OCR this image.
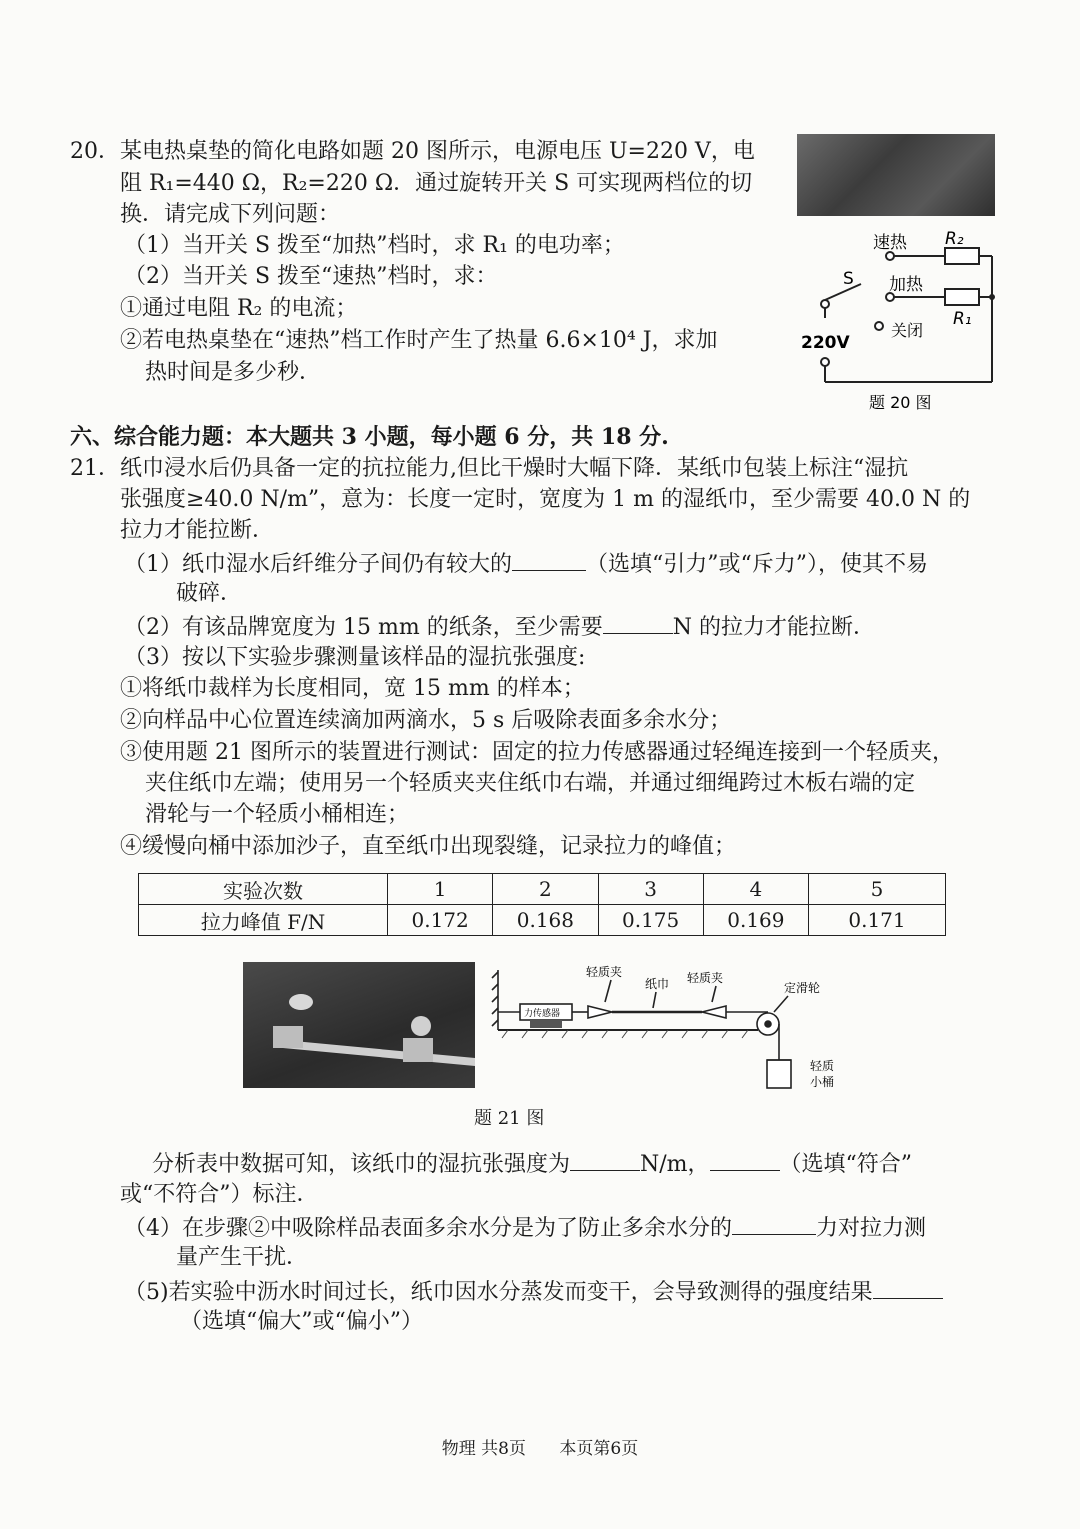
20．某电热桌垫的简化电路如题 20 图所示，电源电压 U=220 V，电
阻 R₁=440 Ω，R₂=220 Ω．通过旋转开关 S 可实现两档位的切
换．请完成下列问题：
（1）当开关 S 拨至“加热”档时，求 R₁ 的电功率；
（2）当开关 S 拨至“速热”档时，求：
①通过电阻 R₂ 的电流；
②若电热桌垫在“速热”档工作时产生了热量 6.6×10⁴ J，求加
热时间是多少秒．
速热 R₂
加热
S
R₁
关闭
220V
题 20 图
六、综合能力题：本大题共 3 小题，每小题 6 分，共 18 分.
21．纸巾浸水后仍具备一定的抗拉能力,但比干燥时大幅下降．某纸巾包装上标注“湿抗
张强度≥40.0 N/m”，意为：长度一定时，宽度为 1 m 的湿纸巾，至少需要 40.0 N 的
拉力才能拉断．
（1）纸巾湿水后纤维分子间仍有较大的	（选填“引力”或“斥力”），使其不易
破碎．
（2）有该品牌宽度为 15 mm 的纸条，至少需要	N 的拉力才能拉断．
（3）按以下实验步骤测量该样品的湿抗张强度:
①将纸巾裁样为长度相同，宽 15 mm 的样本；
②向样品中心位置连续滴加两滴水，5 s 后吸除表面多余水分；
③使用题 21 图所示的装置进行测试：固定的拉力传感器通过轻绳连接到一个轻质夹，
夹住纸巾左端；使用另一个轻质夹夹住纸巾右端，并通过细绳跨过木板右端的定
滑轮与一个轻质小桶相连；
④缓慢向桶中添加沙子，直至纸巾出现裂缝，记录拉力的峰值；
实验次数	1	2	3	4	5
拉力峰值 F/N	0.172	0.168	0.175	0.169	0.171
轻质夹
纸巾 轻质夹
定滑轮
力传感器
轻质
小桶
题 21 图
分析表中数据可知，该纸巾的湿抗张强度为	N/m，	（选填“符合”
或“不符合”）标注．
（4）在步骤②中吸除样品表面多余水分是为了防止多余水分的	力对拉力测
量产生干扰．
（5)若实验中沥水时间过长，纸巾因水分蒸发而变干，会导致测得的强度结果
（选填“偏大”或“偏小”）
物理 共8页 本页第6页
